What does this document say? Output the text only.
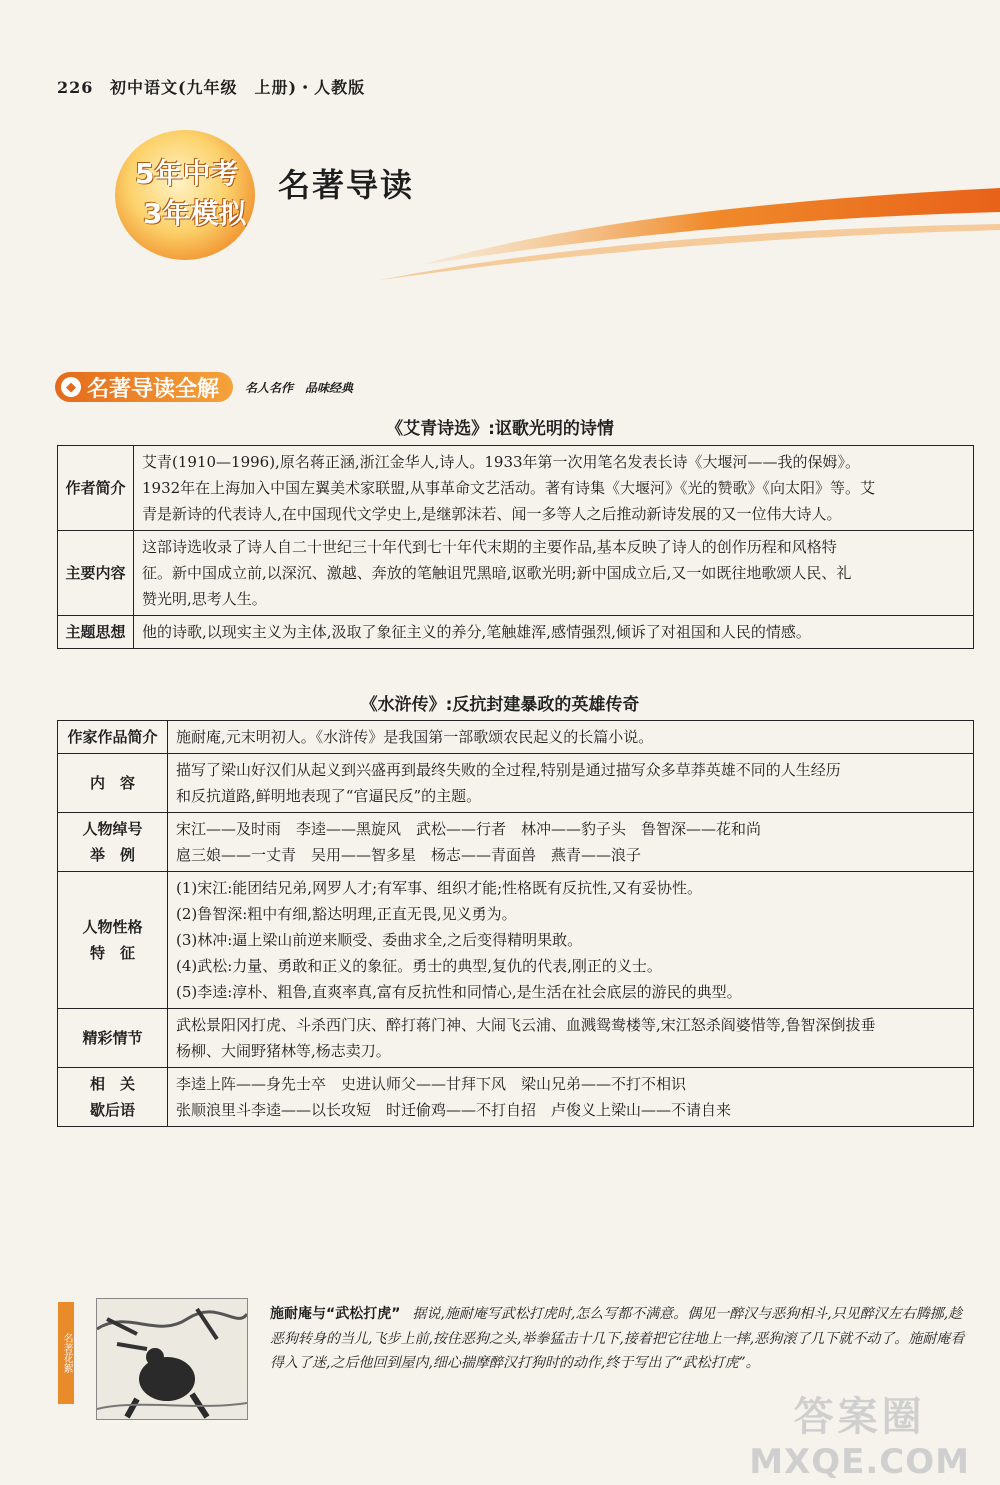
226 初中语文(九年级　上册)・人教版
5年中考
3年模拟
名著导读
◆ 名著导读全解 名人名作　品味经典
《艾青诗选》:讴歌光明的诗情
作者简介	艾青(1910—1996),原名蒋正涵,浙江金华人,诗人。1933年第一次用笔名发表长诗《大堰河——我的保姆》。
1932年在上海加入中国左翼美术家联盟,从事革命文艺活动。著有诗集《大堰河》《光的赞歌》《向太阳》等。艾
青是新诗的代表诗人,在中国现代文学史上,是继郭沫若、闻一多等人之后推动新诗发展的又一位伟大诗人。

主要内容	这部诗选收录了诗人自二十世纪三十年代到七十年代末期的主要作品,基本反映了诗人的创作历程和风格特
征。新中国成立前,以深沉、激越、奔放的笔触诅咒黑暗,讴歌光明;新中国成立后,又一如既往地歌颂人民、礼
赞光明,思考人生。

主题思想	他的诗歌,以现实主义为主体,汲取了象征主义的养分,笔触雄浑,感情强烈,倾诉了对祖国和人民的情感。
《水浒传》:反抗封建暴政的英雄传奇
作家作品简介	施耐庵,元末明初人。《水浒传》是我国第一部歌颂农民起义的长篇小说。

内　容	描写了梁山好汉们从起义到兴盛再到最终失败的全过程,特别是通过描写众多草莽英雄不同的人生经历
和反抗道路,鲜明地表现了“官逼民反”的主题。

人物绰号
举　例	宋江——及时雨　李逵——黑旋风　武松——行者　林冲——豹子头　鲁智深——花和尚
扈三娘——一丈青　吴用——智多星　杨志——青面兽　燕青——浪子

人物性格
特　征	(1)宋江:能团结兄弟,网罗人才;有军事、组织才能;性格既有反抗性,又有妥协性。
(2)鲁智深:粗中有细,豁达明理,正直无畏,见义勇为。
(3)林冲:逼上梁山前逆来顺受、委曲求全,之后变得精明果敢。
(4)武松:力量、勇敢和正义的象征。勇士的典型,复仇的代表,刚正的义士。
(5)李逵:淳朴、粗鲁,直爽率真,富有反抗性和同情心,是生活在社会底层的游民的典型。

精彩情节	武松景阳冈打虎、斗杀西门庆、醉打蒋门神、大闹飞云浦、血溅鸳鸯楼等,宋江怒杀阎婆惜等,鲁智深倒拔垂
杨柳、大闹野猪林等,杨志卖刀。

相　关
歇后语	李逵上阵——身先士卒　史进认师父——甘拜下风　梁山兄弟——不打不相识
张顺浪里斗李逵——以长攻短　时迁偷鸡——不打自招　卢俊义上梁山——不请自来
名著花絮
施耐庵与“武松打虎” 据说,施耐庵写武松打虎时,怎么写都不满意。偶见一醉汉与恶狗相斗,只见醉汉左右腾挪,趁恶狗转身的当儿,飞步上前,按住恶狗之头,举拳猛击十几下,接着把它往地上一摔,恶狗滚了几下就不动了。施耐庵看得入了迷,之后他回到屋内,细心揣摩醉汉打狗时的动作,终于写出了“武松打虎”。
答案圈
MXQE.COM
